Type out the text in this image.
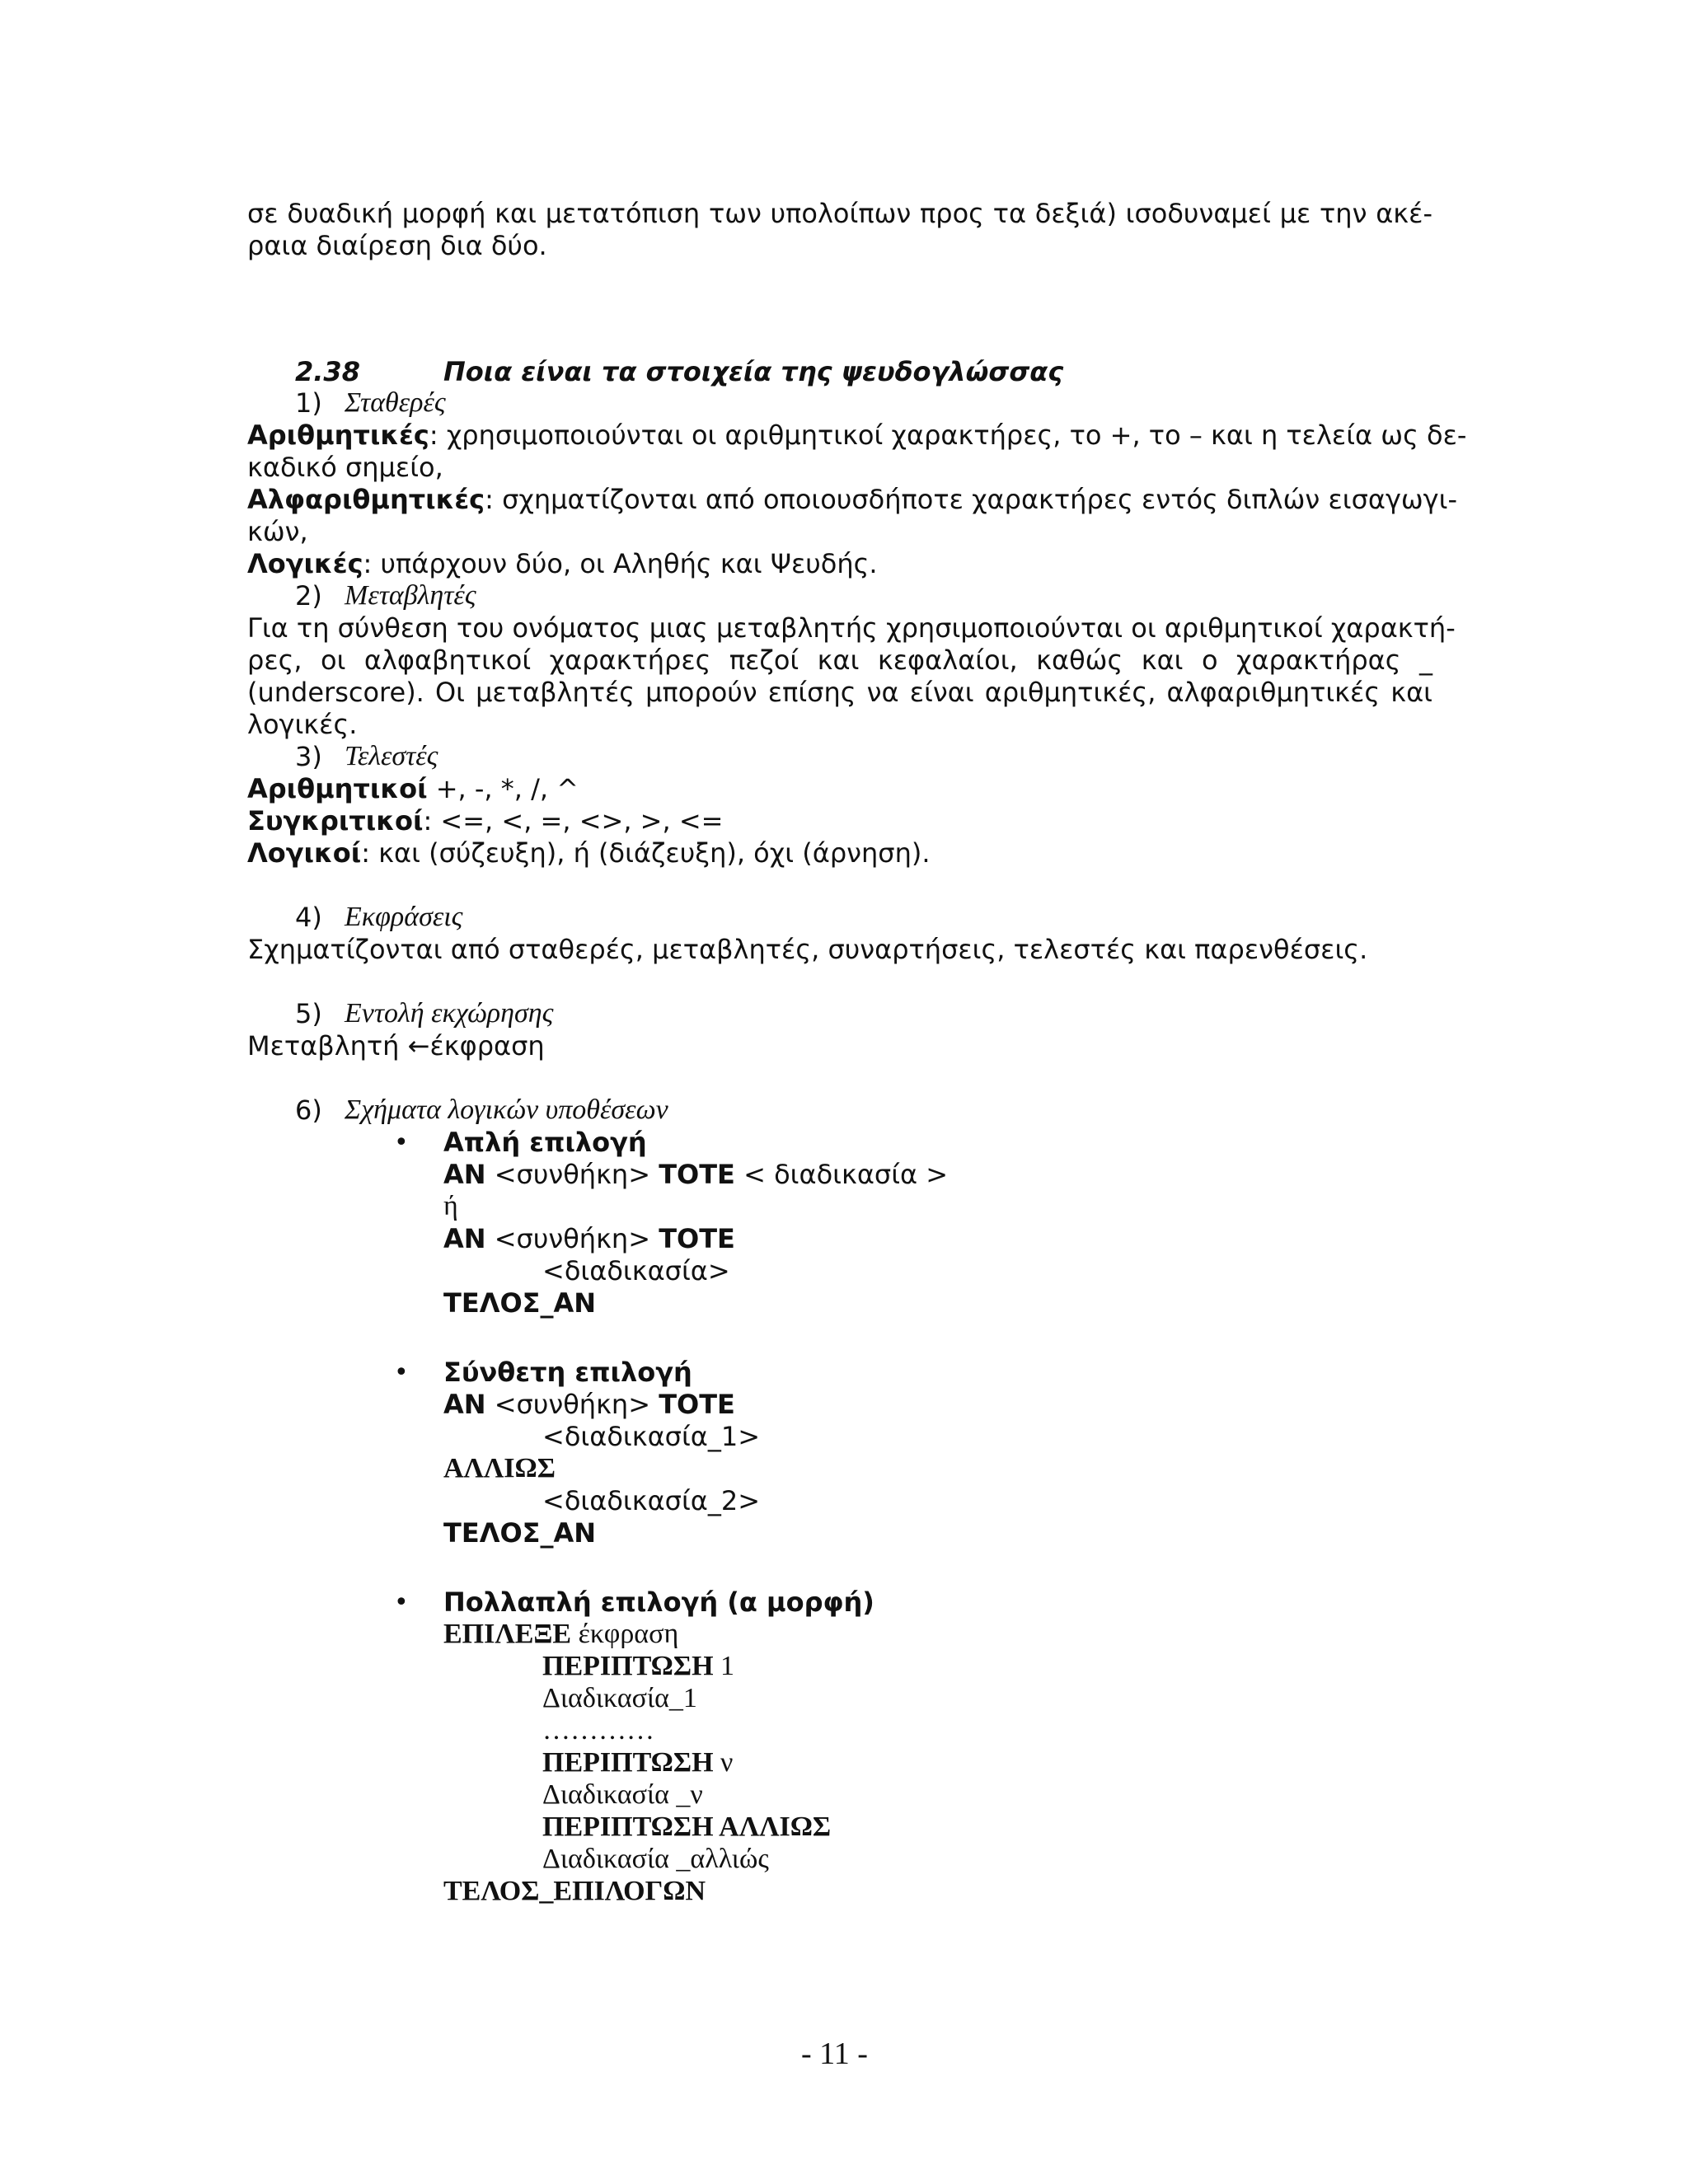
σε δυαδική μορφή και μετατόπιση των υπολοίπων προς τα δεξιά) ισοδυναμεί με την ακέ-
ραια διαίρεση δια δύο.
2.38	Ποια είναι τα στοιχεία της ψευδογλώσσας
1) Σταθερές
Αριθμητικές: χρησιμοποιούνται οι αριθμητικοί χαρακτήρες, το +, το – και η τελεία ως δε-
καδικό σημείο,
Αλφαριθμητικές: σχηματίζονται από οποιουσδήποτε χαρακτήρες εντός διπλών εισαγωγι-
κών,
Λογικές: υπάρχουν δύο, οι Αληθής και Ψευδής.
2) Μεταβλητές
Για τη σύνθεση του ονόματος μιας μεταβλητής χρησιμοποιούνται οι αριθμητικοί χαρακτή-
ρες, οι αλφαβητικοί χαρακτήρες πεζοί και κεφαλαίοι, καθώς και ο χαρακτήρας _
(underscore). Οι μεταβλητές μπορούν επίσης να είναι αριθμητικές, αλφαριθμητικές και
λογικές.
3) Τελεστές
Αριθμητικοί +, -, *, /, ^
Συγκριτικοί: <=, <, =, <>, >, <=
Λογικοί: και (σύζευξη), ή (διάζευξη), όχι (άρνηση).
4) Εκφράσεις
Σχηματίζονται από σταθερές, μεταβλητές, συναρτήσεις, τελεστές και παρενθέσεις.
5) Εντολή εκχώρησης
Μεταβλητή ←έκφραση
6) Σχήματα λογικών υποθέσεων
• Απλή επιλογή
ΑΝ <συνθήκη> ΤΟΤΕ < διαδικασία >
ή
ΑΝ <συνθήκη> ΤΟΤΕ
<διαδικασία>
ΤΕΛΟΣ_ΑΝ
• Σύνθετη επιλογή
ΑΝ <συνθήκη> ΤΟΤΕ
<διαδικασία_1>
ΑΛΛΙΩΣ
<διαδικασία_2>
ΤΕΛΟΣ_ΑΝ
• Πολλαπλή επιλογή (α μορφή)
ΕΠΙΛΕΞΕ έκφραση
ΠΕΡΙΠΤΩΣΗ 1
Διαδικασία_1
…………
ΠΕΡΙΠΤΩΣΗ ν
Διαδικασία _ν
ΠΕΡΙΠΤΩΣΗ ΑΛΛΙΩΣ
Διαδικασία _αλλιώς
ΤΕΛΟΣ_ΕΠΙΛΟΓΩΝ
- 11 -
